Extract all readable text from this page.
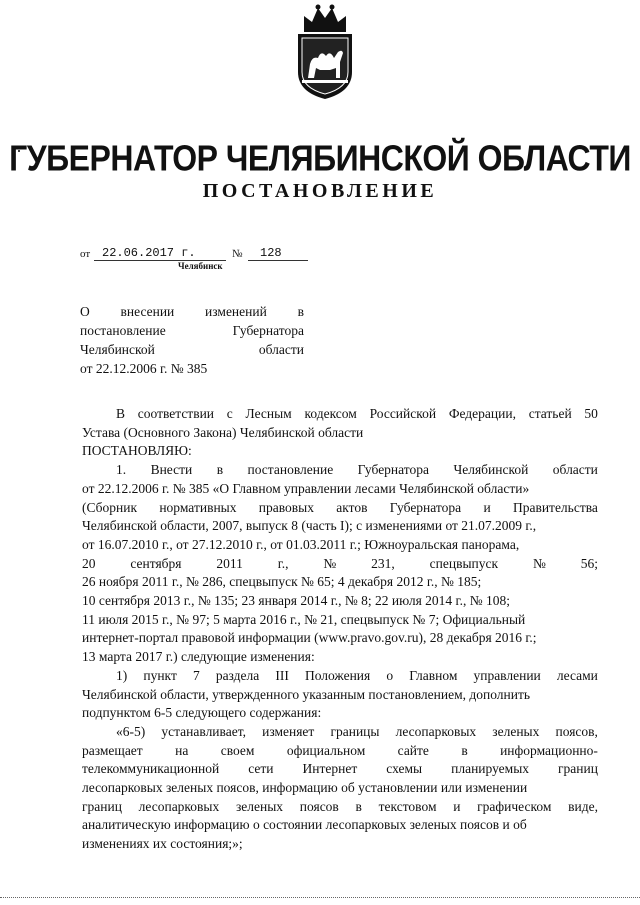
ГУБЕРНАТОР ЧЕЛЯБИНСКОЙ ОБЛАСТИ
ПОСТАНОВЛЕНИЕ
от 22.06.2017 г.	№ 128
Челябинск
О внесении изменений в
постановление	Губернатора
Челябинской	области
от 22.12.2006 г. № 385
В соответствии с Лесным кодексом Российской Федерации, статьей 50
Устава (Основного Закона) Челябинской области
ПОСТАНОВЛЯЮ:
1. Внести в постановление Губернатора Челябинской области
от 22.12.2006 г. № 385 «О Главном управлении лесами Челябинской области»
(Сборник нормативных правовых актов Губернатора и Правительства
Челябинской области, 2007, выпуск 8 (часть I); с изменениями от 21.07.2009 г.,
от 16.07.2010 г., от 27.12.2010 г., от 01.03.2011 г.; Южноуральская панорама,
20	сентября	2011	г.,	№	231,	спецвыпуск	№	56;
26 ноября 2011 г., № 286, спецвыпуск № 65; 4 декабря 2012 г., № 185;
10 сентября 2013 г., № 135; 23 января 2014 г., № 8; 22 июля 2014 г., № 108;
11 июля 2015 г., № 97; 5 марта 2016 г., № 21, спецвыпуск № 7; Официальный
интернет-портал правовой информации (www.pravo.gov.ru), 28 декабря 2016 г.;
13 марта 2017 г.) следующие изменения:
1) пункт 7 раздела III Положения о Главном управлении лесами
Челябинской области, утвержденного указанным постановлением, дополнить
подпунктом 6-5 следующего содержания:
«6-5) устанавливает, изменяет границы лесопарковых зеленых поясов,
размещает на своем официальном сайте в информационно-
телекоммуникационной сети Интернет схемы планируемых границ
лесопарковых зеленых поясов, информацию об установлении или изменении
границ лесопарковых зеленых поясов в текстовом и графическом виде,
аналитическую информацию о состоянии лесопарковых зеленых поясов и об
изменениях их состояния;»;
